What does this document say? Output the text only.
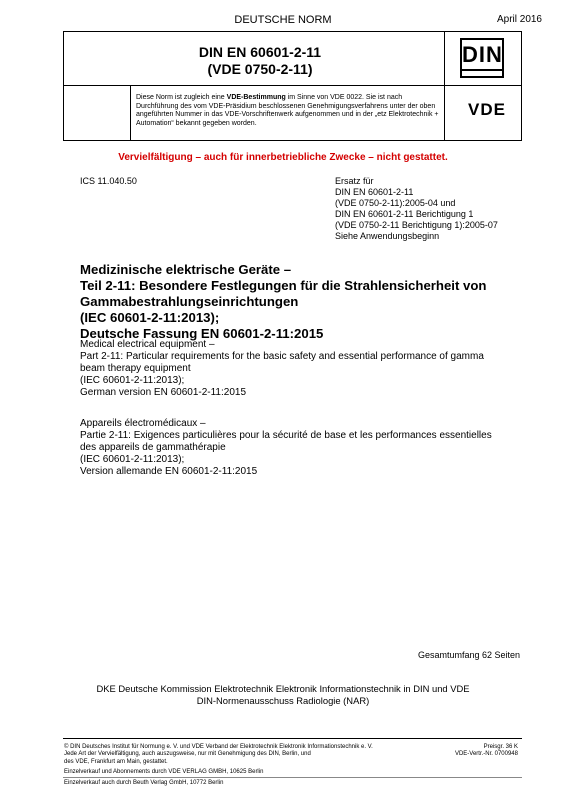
DEUTSCHE NORM	April 2016
DIN EN 60601-2-11
(VDE 0750-2-11)
DIN
VDE
Diese Norm ist zugleich eine VDE-Bestimmung im Sinne von VDE 0022. Sie ist nach Durchführung des vom VDE-Präsidium beschlossenen Genehmigungsverfahrens unter der oben angeführten Nummer in das VDE-Vorschriftenwerk aufgenommen und in der „etz Elektrotechnik + Automation“ bekannt gegeben worden.
Vervielfältigung – auch für innerbetriebliche Zwecke – nicht gestattet.
ICS 11.040.50	Ersatz für
DIN EN 60601-2-11
(VDE 0750-2-11):2005-04 und
DIN EN 60601-2-11 Berichtigung 1
(VDE 0750-2-11 Berichtigung 1):2005-07
Siehe Anwendungsbeginn
Medizinische elektrische Geräte –
Teil 2-11: Besondere Festlegungen für die Strahlensicherheit von
Gammabestrahlungseinrichtungen
(IEC 60601-2-11:2013);
Deutsche Fassung EN 60601-2-11:2015
Medical electrical equipment –
Part 2-11: Particular requirements for the basic safety and essential performance of gamma
beam therapy equipment
(IEC 60601-2-11:2013);
German version EN 60601-2-11:2015
Appareils électromédicaux –
Partie 2-11: Exigences particulières pour la sécurité de base et les performances essentielles
des appareils de gammathérapie
(IEC 60601-2-11:2013);
Version allemande EN 60601-2-11:2015
Gesamtumfang 62 Seiten
DKE Deutsche Kommission Elektrotechnik Elektronik Informationstechnik in DIN und VDE
DIN-Normenausschuss Radiologie (NAR)
© DIN Deutsches Institut für Normung e. V. und VDE Verband der Elektrotechnik Elektronik Informationstechnik e. V.
Jede Art der Vervielfältigung, auch auszugsweise, nur mit Genehmigung des DIN, Berlin, und
des VDE, Frankfurt am Main, gestattet.
Preisgr. 36 K
VDE-Vertr.-Nr. 0700948
Einzelverkauf und Abonnements durch VDE VERLAG GMBH, 10625 Berlin
Einzelverkauf auch durch Beuth Verlag GmbH, 10772 Berlin
